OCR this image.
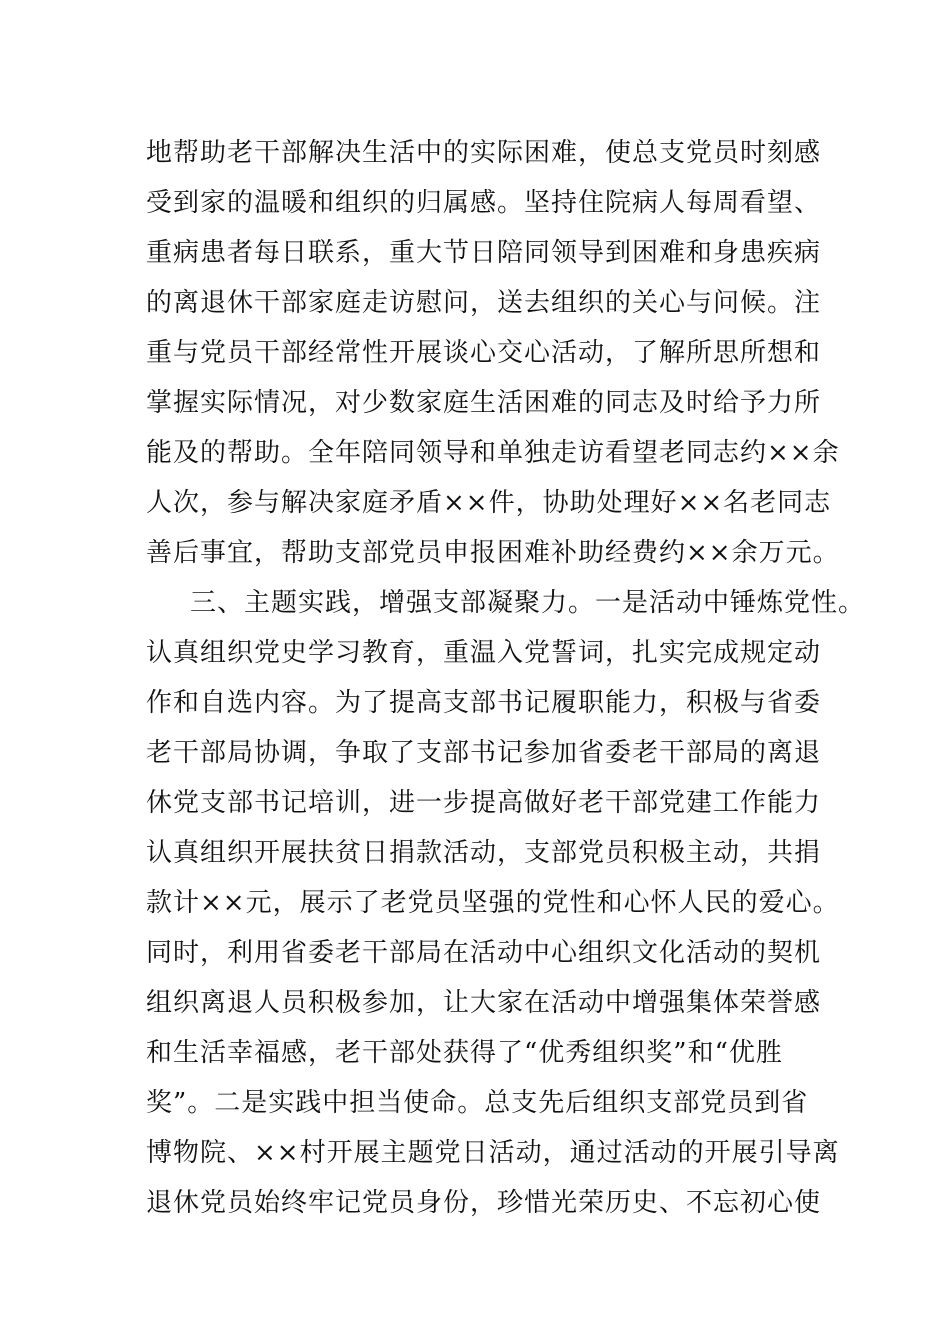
地帮助老干部解决生活中的实际困难，使总支党员时刻感
受到家的温暖和组织的归属感。坚持住院病人每周看望、
重病患者每日联系，重大节日陪同领导到困难和身患疾病
的离退休干部家庭走访慰问，送去组织的关心与问候。注
重与党员干部经常性开展谈心交心活动，了解所思所想和
掌握实际情况，对少数家庭生活困难的同志及时给予力所
能及的帮助。全年陪同领导和单独走访看望老同志约××余
人次，参与解决家庭矛盾××件，协助处理好××名老同志
善后事宜，帮助支部党员申报困难补助经费约××余万元。
三、主题实践，增强支部凝聚力。一是活动中锤炼党性。
认真组织党史学习教育，重温入党誓词，扎实完成规定动
作和自选内容。为了提高支部书记履职能力，积极与省委
老干部局协调，争取了支部书记参加省委老干部局的离退
休党支部书记培训，进一步提高做好老干部党建工作能力
认真组织开展扶贫日捐款活动，支部党员积极主动，共捐
款计××元，展示了老党员坚强的党性和心怀人民的爱心。
同时，利用省委老干部局在活动中心组织文化活动的契机
组织离退人员积极参加，让大家在活动中增强集体荣誉感
和生活幸福感，老干部处获得了“优秀组织奖”和“优胜
奖”。二是实践中担当使命。总支先后组织支部党员到省
博物院、××村开展主题党日活动，通过活动的开展引导离
退休党员始终牢记党员身份，珍惜光荣历史、不忘初心使
